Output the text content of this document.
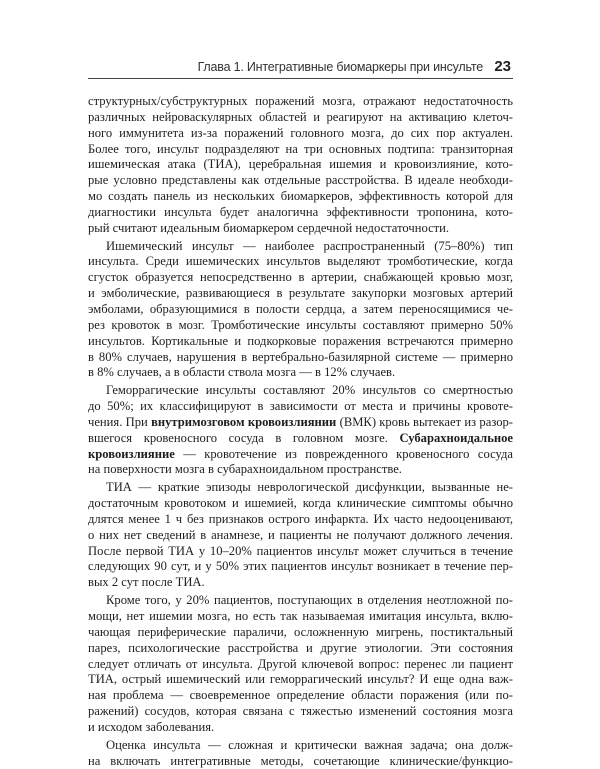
Глава 1. Интегративные биомаркеры при инсульте 23
структурных/субструктурных поражений мозга, отражают недостаточность
различных нейроваскулярных областей и реагируют на активацию клеточ-
ного иммунитета из-за поражений головного мозга, до сих пор актуален.
Более того, инсульт подразделяют на три основных подтипа: транзиторная
ишемическая атака (ТИА), церебральная ишемия и кровоизлияние, кото-
рые условно представлены как отдельные расстройства. В идеале необходи-
мо создать панель из нескольких биомаркеров, эффективность которой для
диагностики инсульта будет аналогична эффективности тропонина, кото-
рый считают идеальным биомаркером сердечной недостаточности.
Ишемический инсульт — наиболее распространенный (75–80%) тип
инсульта. Среди ишемических инсультов выделяют тромботические, когда
сгусток образуется непосредственно в артерии, снабжающей кровью мозг,
и эмболические, развивающиеся в результате закупорки мозговых артерий
эмболами, образующимися в полости сердца, а затем переносящимися че-
рез кровоток в мозг. Тромботические инсульты составляют примерно 50%
инсультов. Кортикальные и подкорковые поражения встречаются примерно
в 80% случаев, нарушения в вертебрально-базилярной системе — примерно
в 8% случаев, а в области ствола мозга — в 12% случаев.
Геморрагические инсульты составляют 20% инсультов со смертностью
до 50%; их классифицируют в зависимости от места и причины кровоте-
чения. При внутримозговом кровоизлиянии (ВМК) кровь вытекает из разор-
вшегося кровеносного сосуда в головном мозге. Субарахноидальное
кровоизлияние — кровотечение из поврежденного кровеносного сосуда
на поверхности мозга в субарахноидальном пространстве.
ТИА — краткие эпизоды неврологической дисфункции, вызванные не-
достаточным кровотоком и ишемией, когда клинические симптомы обычно
длятся менее 1 ч без признаков острого инфаркта. Их часто недооценивают,
о них нет сведений в анамнезе, и пациенты не получают должного лечения.
После первой ТИА у 10–20% пациентов инсульт может случиться в течение
следующих 90 сут, и у 50% этих пациентов инсульт возникает в течение пер-
вых 2 сут после ТИА.
Кроме того, у 20% пациентов, поступающих в отделения неотложной по-
мощи, нет ишемии мозга, но есть так называемая имитация инсульта, вклю-
чающая периферические параличи, осложненную мигрень, постиктальный
парез, психологические расстройства и другие этиологии. Эти состояния
следует отличать от инсульта. Другой ключевой вопрос: перенес ли пациент
ТИА, острый ишемический или геморрагический инсульт? И еще одна важ-
ная проблема — своевременное определение области поражения (или по-
ражений) сосудов, которая связана с тяжестью изменений состояния мозга
и исходом заболевания.
Оценка инсульта — сложная и критически важная задача; она долж-
на включать интегративные методы, сочетающие клинические/функцио-
